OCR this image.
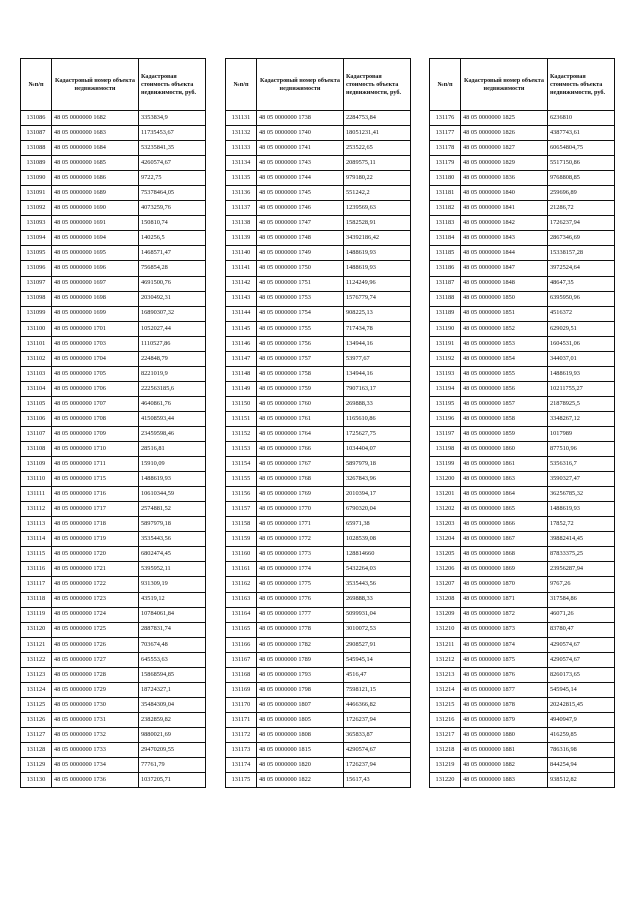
№п/п	Кадастровый номер объекта недвижимости	Кадастровая стоимость объекта недвижимости, руб.
131086	48 05 0000000 1682	3353834,9
131087	48 05 0000000 1683	11735453,67
131088	48 05 0000000 1684	53235841,35
131089	48 05 0000000 1685	4260574,67
131090	48 05 0000000 1686	9722,75
131091	48 05 0000000 1689	75378464,05
131092	48 05 0000000 1690	4073259,76
131093	48 05 0000000 1691	150810,74
131094	48 05 0000000 1694	140256,5
131095	48 05 0000000 1695	1468571,47
131096	48 05 0000000 1696	756854,28
131097	48 05 0000000 1697	4691500,76
131098	48 05 0000000 1698	2030492,31
131099	48 05 0000000 1699	16890307,32
131100	48 05 0000000 1701	1052027,44
131101	48 05 0000000 1703	1110527,86
131102	48 05 0000000 1704	224848,79
131103	48 05 0000000 1705	8221019,9
131104	48 05 0000000 1706	222563185,6
131105	48 05 0000000 1707	4640861,76
131106	48 05 0000000 1708	41508593,44
131107	48 05 0000000 1709	23459598,46
131108	48 05 0000000 1710	28516,81
131109	48 05 0000000 1711	15910,09
131110	48 05 0000000 1715	1488619,93
131111	48 05 0000000 1716	10610344,59
131112	48 05 0000000 1717	2574881,52
131113	48 05 0000000 1718	5897979,18
131114	48 05 0000000 1719	3535443,56
131115	48 05 0000000 1720	6802474,45
131116	48 05 0000000 1721	5395952,11
131117	48 05 0000000 1722	931309,19
131118	48 05 0000000 1723	43519,12
131119	48 05 0000000 1724	10784061,84
131120	48 05 0000000 1725	2887831,74
131121	48 05 0000000 1726	703674,48
131122	48 05 0000000 1727	645553,63
131123	48 05 0000000 1728	15868594,85
131124	48 05 0000000 1729	18724327,1
131125	48 05 0000000 1730	35484309,04
131126	48 05 0000000 1731	2382859,82
131127	48 05 0000000 1732	9880021,69
131128	48 05 0000000 1733	29470209,55
131129	48 05 0000000 1734	77761,79
131130	48 05 0000000 1736	1037205,71
№п/п	Кадастровый номер объекта недвижимости	Кадастровая стоимость объекта недвижимости, руб.
131131	48 05 0000000 1738	2284753,84
131132	48 05 0000000 1740	18051231,41
131133	48 05 0000000 1741	253522,65
131134	48 05 0000000 1743	2089575,11
131135	48 05 0000000 1744	979180,22
131136	48 05 0000000 1745	551242,2
131137	48 05 0000000 1746	1239569,63
131138	48 05 0000000 1747	1582528,91
131139	48 05 0000000 1748	34392186,42
131140	48 05 0000000 1749	1488619,93
131141	48 05 0000000 1750	1488619,93
131142	48 05 0000000 1751	1124249,96
131143	48 05 0000000 1753	1576779,74
131144	48 05 0000000 1754	908225,13
131145	48 05 0000000 1755	717434,78
131146	48 05 0000000 1756	134944,16
131147	48 05 0000000 1757	53977,67
131148	48 05 0000000 1758	134944,16
131149	48 05 0000000 1759	7907163,17
131150	48 05 0000000 1760	269888,33
131151	48 05 0000000 1761	1165610,86
131152	48 05 0000000 1764	1725627,75
131153	48 05 0000000 1766	1034404,07
131154	48 05 0000000 1767	5897979,18
131155	48 05 0000000 1768	3267843,96
131156	48 05 0000000 1769	2010394,17
131157	48 05 0000000 1770	6790320,04
131158	48 05 0000000 1771	65971,38
131159	48 05 0000000 1772	1028539,08
131160	48 05 0000000 1773	128814660
131161	48 05 0000000 1774	5432264,03
131162	48 05 0000000 1775	3535443,56
131163	48 05 0000000 1776	269888,33
131164	48 05 0000000 1777	5099931,04
131165	48 05 0000000 1778	3010072,53
131166	48 05 0000000 1782	2908527,91
131167	48 05 0000000 1789	545945,14
131168	48 05 0000000 1793	4516,47
131169	48 05 0000000 1798	7598121,15
131170	48 05 0000000 1807	4466366,82
131171	48 05 0000000 1805	1726237,94
131172	48 05 0000000 1808	365833,87
131173	48 05 0000000 1815	4290574,67
131174	48 05 0000000 1820	1726237,94
131175	48 05 0000000 1822	15617,43
№п/п	Кадастровый номер объекта недвижимости	Кадастровая стоимость объекта недвижимости, руб.
131176	48 05 0000000 1825	6236810
131177	48 05 0000000 1826	4387743,61
131178	48 05 0000000 1827	60654804,75
131179	48 05 0000000 1829	5517150,86
131180	48 05 0000000 1836	9768808,85
131181	48 05 0000000 1840	259696,89
131182	48 05 0000000 1841	21286,72
131183	48 05 0000000 1842	1726237,94
131184	48 05 0000000 1843	2867346,69
131185	48 05 0000000 1844	15338157,28
131186	48 05 0000000 1847	3972524,64
131187	48 05 0000000 1848	48647,35
131188	48 05 0000000 1850	6395950,96
131189	48 05 0000000 1851	4516372
131190	48 05 0000000 1852	629029,51
131191	48 05 0000000 1853	1604531,06
131192	48 05 0000000 1854	344037,01
131193	48 05 0000000 1855	1488619,93
131194	48 05 0000000 1856	10211755,27
131195	48 05 0000000 1857	21878925,5
131196	48 05 0000000 1858	3348267,12
131197	48 05 0000000 1859	1017989
131198	48 05 0000000 1860	877510,96
131199	48 05 0000000 1861	5356316,7
131200	48 05 0000000 1863	3590327,47
131201	48 05 0000000 1864	36256785,32
131202	48 05 0000000 1865	1488619,93
131203	48 05 0000000 1866	17852,72
131204	48 05 0000000 1867	39882414,45
131205	48 05 0000000 1868	87833375,25
131206	48 05 0000000 1869	23956287,94
131207	48 05 0000000 1870	9767,26
131208	48 05 0000000 1871	317584,86
131209	48 05 0000000 1872	46071,26
131210	48 05 0000000 1873	83780,47
131211	48 05 0000000 1874	4290574,67
131212	48 05 0000000 1875	4290574,67
131213	48 05 0000000 1876	8260173,65
131214	48 05 0000000 1877	545945,14
131215	48 05 0000000 1878	20242815,45
131216	48 05 0000000 1879	4940947,9
131217	48 05 0000000 1880	416259,85
131218	48 05 0000000 1881	786316,98
131219	48 05 0000000 1882	844254,94
131220	48 05 0000000 1883	938512,82
